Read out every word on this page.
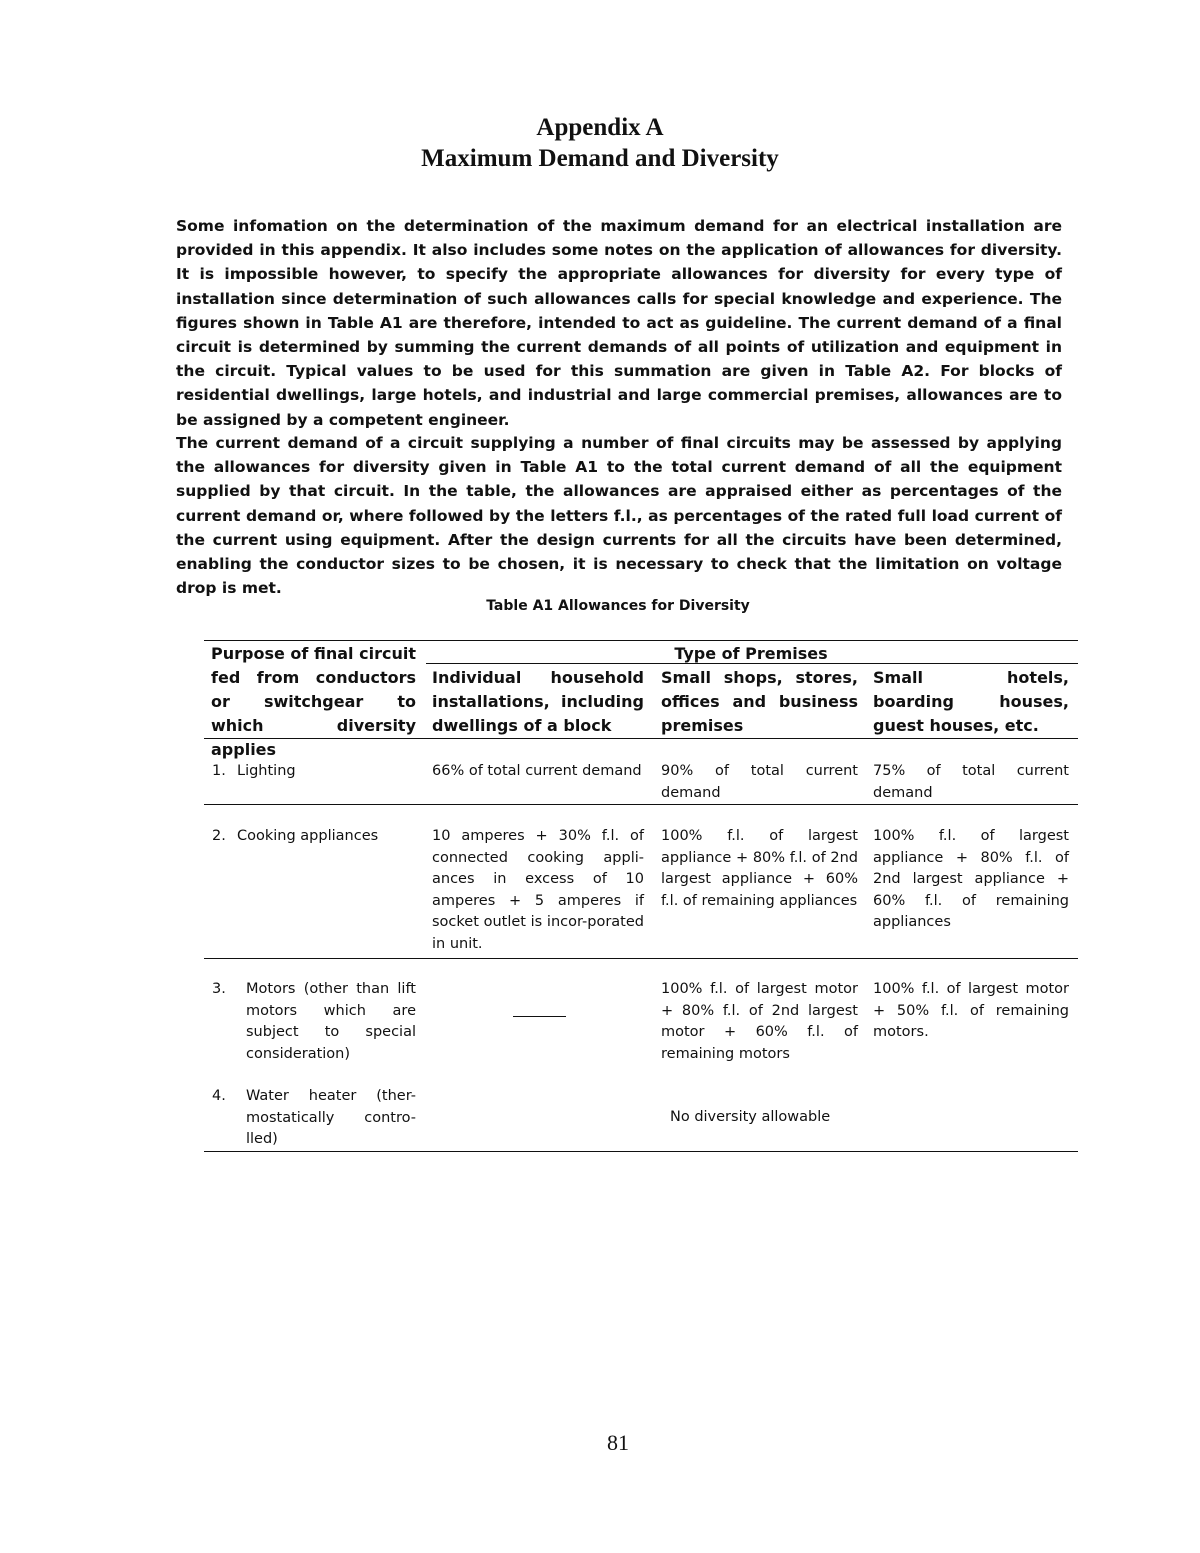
Appendix A
Maximum Demand and Diversity

Some infomation on the determination of the maximum demand for an electrical installation are provided in this appendix. It also includes some notes on the application of allowances for diversity. It is impossible however, to specify the appropriate allowances for diversity for every type of installation since determination of such allowances calls for special knowledge and experience. The figures shown in Table A1 are therefore, intended to act as guideline. The current demand of a final circuit is determined by summing the current demands of all points of utilization and equipment in the circuit. Typical values to be used for this summation are given in Table A2. For blocks of residential dwellings, large hotels, and industrial and large commercial premises, allowances are to be assigned by a competent engineer.

The current demand of a circuit supplying a number of final circuits may be assessed by applying the allowances for diversity given in Table A1 to the total current demand of all the equipment supplied by that circuit. In the table, the allowances are appraised either as percentages of the current demand or, where followed by the letters f.l., as percentages of the rated full load current of the current using equipment. After the design currents for all the circuits have been determined, enabling the conductor sizes to be chosen, it is necessary to check that the limitation on voltage drop is met.

Table A1 Allowances for Diversity
Purpose of final circuit fed from conductors or switchgear to which diversity applies
Type of Premises
Individual household installations, including dwellings of a block
Small shops, stores, offices and business premises
Small hotels, boarding houses, guest houses, etc.
1. Lighting	66% of total current demand 90% of total current demand
75% of total current demand
2. Cooking appliances	10 amperes + 30% f.l. of connected cooking appli-ances in excess of 10 amperes + 5 amperes if socket outlet is incor-porated in unit.
100% f.l. of largest appliance + 80% f.l. of 2nd largest appliance + 60% f.l. of remaining appliances
100% f.l. of largest appliance + 80% f.l. of 2nd largest appliance + 60% f.l. of remaining appliances
3. Motors (other than lift motors which are subject to special consideration)
100% f.l. of largest motor + 80% f.l. of 2nd largest motor + 60% f.l. of remaining motors
100% f.l. of largest motor + 50% f.l. of remaining motors.
4. Water heater (ther-mostatically contro-lled)
No diversity allowable
81
